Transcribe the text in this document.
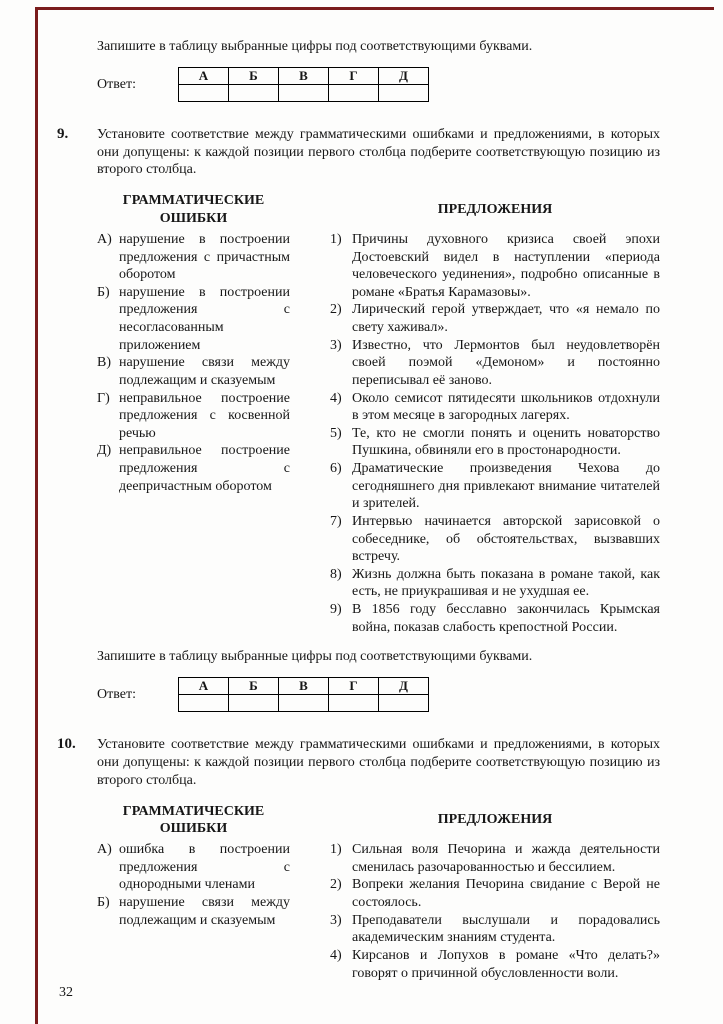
Запишите в таблицу выбранные цифры под соответствующими буквами.

Ответ:
А	Б	В	Г	Д

9. Установите соответствие между грамматическими ошибками и предложениями, в которых они допущены: к каждой позиции первого столбца подберите соответствующую позицию из второго столбца.

ГРАММАТИЧЕСКИЕ ОШИБКИ
А) нарушение в построении предложения с причастным оборотом
Б) нарушение в построении предложения с несогласованным приложением
В) нарушение связи между подлежащим и сказуемым
Г) неправильное построение предложения с косвенной речью
Д) неправильное построение предложения с деепричастным оборотом
ПРЕДЛОЖЕНИЯ
1) Причины духовного кризиса своей эпохи Достоевский видел в наступлении «периода человеческого уединения», подробно описанные в романе «Братья Карамазовы».
2) Лирический герой утверждает, что «я немало по свету хаживал».
3) Известно, что Лермонтов был неудовлетворён своей поэмой «Демоном» и постоянно переписывал её заново.
4) Около семисот пятидесяти школьников отдохнули в этом месяце в загородных лагерях.
5) Те, кто не смогли понять и оценить новаторство Пушкина, обвиняли его в простонародности.
6) Драматические произведения Чехова до сегодняшнего дня привлекают внимание читателей и зрителей.
7) Интервью начинается авторской зарисовкой о собеседнике, об обстоятельствах, вызвавших встречу.
8) Жизнь должна быть показана в романе такой, как есть, не приукрашивая и не ухудшая ее.
9) В 1856 году бесславно закончилась Крымская война, показав слабость крепостной России.

Запишите в таблицу выбранные цифры под соответствующими буквами.

Ответ:
А	Б	В	Г	Д

10. Установите соответствие между грамматическими ошибками и предложениями, в которых они допущены: к каждой позиции первого столбца подберите соответствующую позицию из второго столбца.

ГРАММАТИЧЕСКИЕ ОШИБКИ
А) ошибка в построении предложения с однородными членами
Б) нарушение связи между подлежащим и сказуемым
ПРЕДЛОЖЕНИЯ
1) Сильная воля Печорина и жажда деятельности сменилась разочарованностью и бессилием.
2) Вопреки желания Печорина свидание с Верой не состоялось.
3) Преподаватели выслушали и порадовались академическим знаниям студента.
4) Кирсанов и Лопухов в романе «Что делать?» говорят о причинной обусловленности воли.
32
